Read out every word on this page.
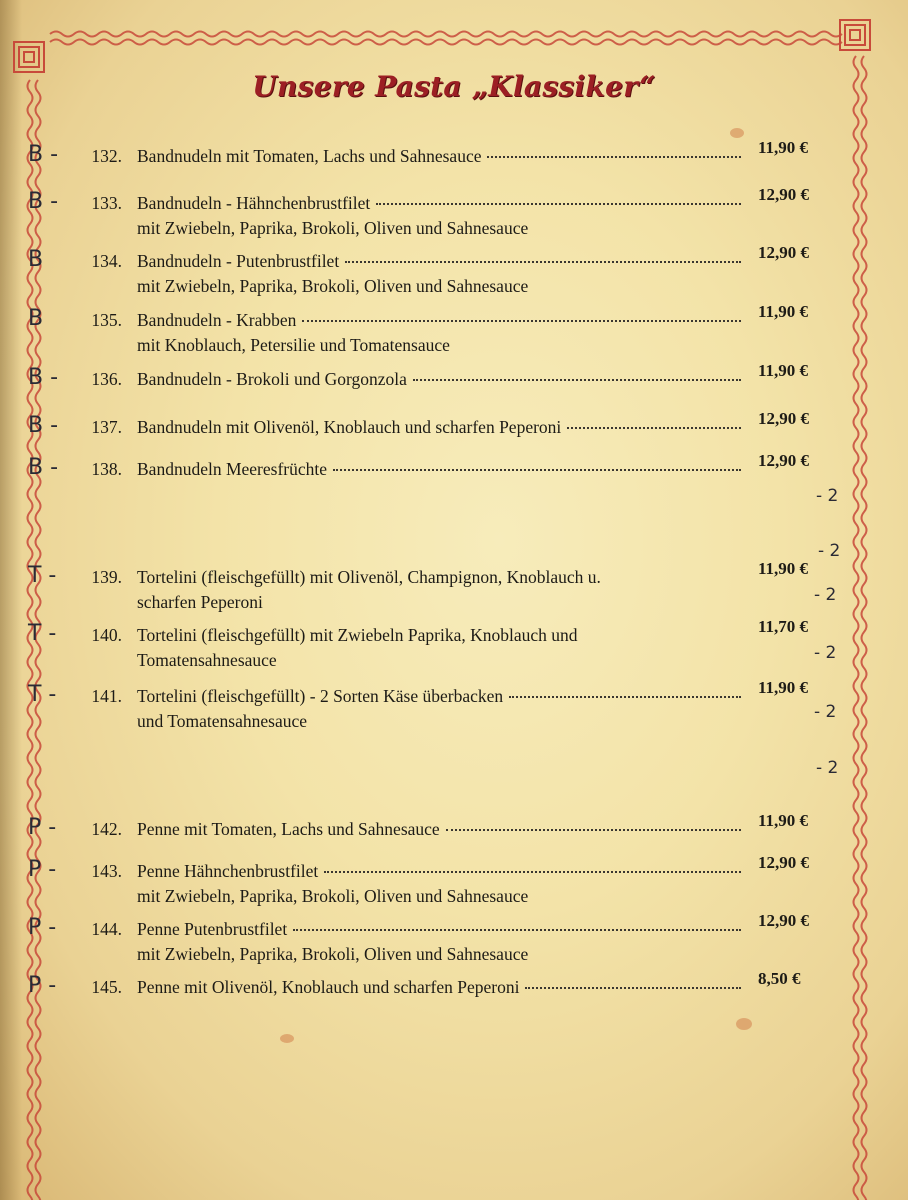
Unsere Pasta „Klassiker“
B -	132. Bandnudeln mit Tomaten, Lachs und Sahnesauce	11,90 €
B -	133. Bandnudeln - Hähnchenbrustfilet
mit Zwiebeln, Paprika, Brokoli, Oliven und Sahnesauce
12,90 €
B	134. Bandnudeln - Putenbrustfilet
mit Zwiebeln, Paprika, Brokoli, Oliven und Sahnesauce
12,90 €
B	135. Bandnudeln - Krabben
mit Knoblauch, Petersilie und Tomatensauce
11,90 €
B -	136. Bandnudeln - Brokoli und Gorgonzola	11,90 €
B -	137. Bandnudeln mit Olivenöl, Knoblauch und scharfen Peperoni	12,90 €
B -	138. Bandnudeln Meeresfrüchte	12,90 €
T -	139. Tortelini (fleischgefüllt) mit Olivenöl, Champignon, Knoblauch u.
scharfen Peperoni
11,90 €
T -	140. Tortelini (fleischgefüllt) mit Zwiebeln Paprika, Knoblauch und
Tomatensahnesauce
11,70 €
T -	141. Tortelini (fleischgefüllt) - 2 Sorten Käse überbacken
und Tomatensahnesauce
11,90 €
P -	142. Penne mit Tomaten, Lachs und Sahnesauce	11,90 €
P -	143. Penne Hähnchenbrustfilet
mit Zwiebeln, Paprika, Brokoli, Oliven und Sahnesauce
12,90 €
P -	144. Penne Putenbrustfilet
mit Zwiebeln, Paprika, Brokoli, Oliven und Sahnesauce
12,90 €
P -	145. Penne mit Olivenöl, Knoblauch und scharfen Peperoni	8,50 €
- 2
- 2
- 2
- 2
- 2
- 2
